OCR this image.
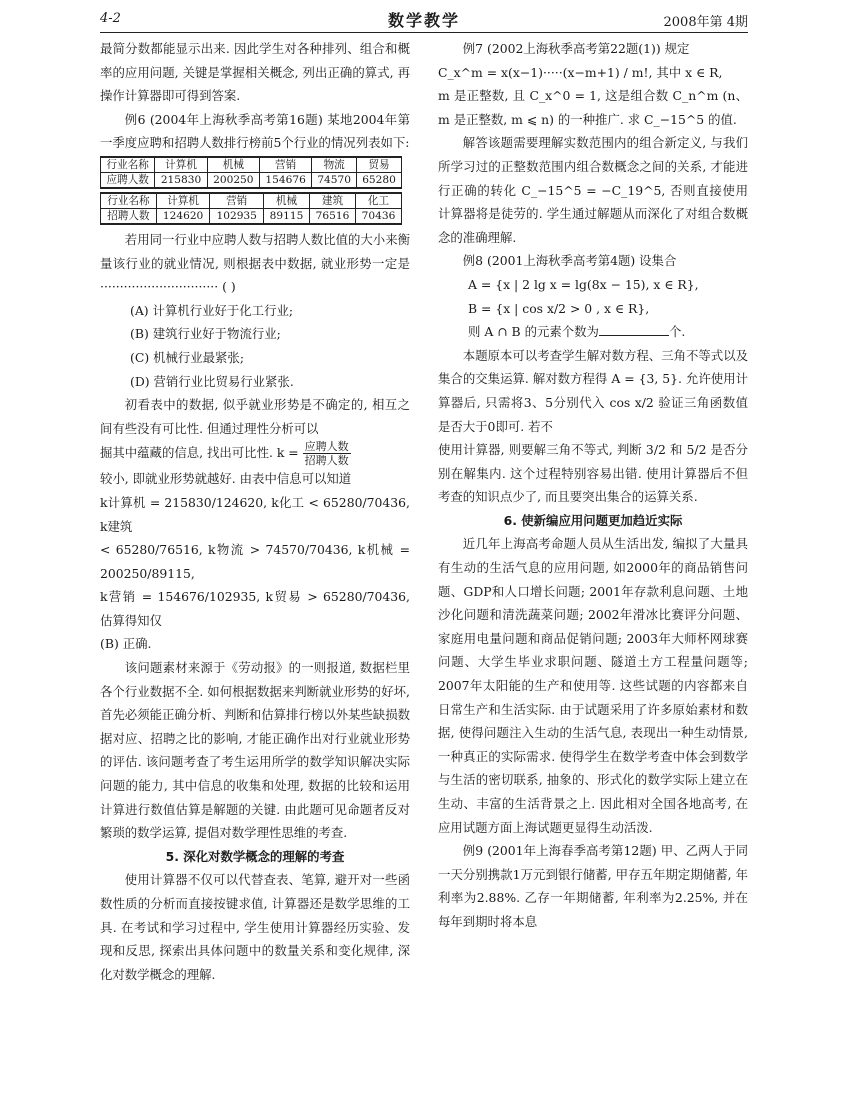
4-2	数学教学	2008年第 4期

最简分数都能显示出来. 因此学生对各种排列、组合和概率的应用问题, 关键是掌握相关概念, 列出正确的算式, 再操作计算器即可得到答案.

例6 (2004年上海秋季高考第16题) 某地2004年第一季度应聘和招聘人数排行榜前5个行业的情况列表如下:

行业名称	计算机	机械	营销	物流	贸易
应聘人数	215830	200250	154676	74570	65280
行业名称	计算机	营销	机械	建筑	化工
招聘人数	124620	102935	89115	76516	70436

若用同一行业中应聘人数与招聘人数比值的大小来衡量该行业的就业情况, 则根据表中数据, 就业形势一定是 ······························ ( )

(A) 计算机行业好于化工行业;

(B) 建筑行业好于物流行业;

(C) 机械行业最紧张;

(D) 营销行业比贸易行业紧张.

初看表中的数据, 似乎就业形势是不确定的, 相互之间有些没有可比性. 但通过理性分析可以

掘其中蕴藏的信息, 找出可比性. $k = \frac{\text{应聘人数}}{\text{招聘人数}}$

较小, 即就业形势就越好. 由表中信息可以知道

k计算机 = 215830/124620, k化工 < 65280/70436, k建筑

< 65280/76516, k物流 > 74570/70436, k机械 = 200250/89115,

k营销 = 154676/102935, k贸易 > 65280/70436, 估算得知仅

(B) 正确.

该问题素材来源于《劳动报》的一则报道, 数据栏里各个行业数据不全. 如何根据数据来判断就业形势的好坏, 首先必须能正确分析、判断和估算排行榜以外某些缺损数据对应、招聘之比的影响, 才能正确作出对行业就业形势的评估. 该问题考查了考生运用所学的数学知识解决实际问题的能力, 其中信息的收集和处理, 数据的比较和运用计算进行数值估算是解题的关键. 由此题可见命题者反对繁琐的数学运算, 提倡对数学理性思维的考查.

5. 深化对数学概念的理解的考查

使用计算器不仅可以代替查表、笔算, 避开对一些函数性质的分析而直接按键求值, 计算器还是数学思维的工具. 在考试和学习过程中, 学生使用计算器经历实验、发现和反思, 探索出具体问题中的数量关系和变化规律, 深化对数学概念的理解.

例7 (2002上海秋季高考第22题(1)) 规定

C_x^m = x(x−1)·····(x−m+1) / m!, 其中 x ∈ R,

m 是正整数, 且 C_x^0 = 1, 这是组合数 C_n^m (n、m 是正整数, m ⩽ n) 的一种推广. 求 C_−15^5 的值.

解答该题需要理解实数范围内的组合新定义, 与我们所学习过的正整数范围内组合数概念之间的关系, 才能进行正确的转化 C_−15^5 = −C_19^5, 否则直接使用计算器将是徒劳的. 学生通过解题从而深化了对组合数概念的准确理解.

例8 (2001上海秋季高考第4题) 设集合

A = {x | 2 lg x = lg(8x − 15), x ∈ R},

B = {x | cos x/2 > 0 , x ∈ R},

则 A ∩ B 的元素个数为	个.

本题原本可以考查学生解对数方程、三角不等式以及集合的交集运算. 解对数方程得 A = {3, 5}. 允许使用计算器后, 只需将3、5分别代入 cos x/2 验证三角函数值是否大于0即可. 若不

使用计算器, 则要解三角不等式, 判断 3/2 和 5/2 是否分别在解集内. 这个过程特别容易出错. 使用计算器后不但考查的知识点少了, 而且要突出集合的运算关系.

6. 使新编应用问题更加趋近实际

近几年上海高考命题人员从生活出发, 编拟了大量具有生动的生活气息的应用问题, 如2000年的商品销售问题、GDP和人口增长问题; 2001年存款利息问题、土地沙化问题和清洗蔬菜问题; 2002年滑冰比赛评分问题、家庭用电量问题和商品促销问题; 2003年大师杯网球赛问题、大学生毕业求职问题、隧道土方工程量问题等; 2007年太阳能的生产和使用等. 这些试题的内容都来自日常生产和生活实际. 由于试题采用了许多原始素材和数据, 使得问题注入生动的生活气息, 表现出一种生动情景, 一种真正的实际需求. 使得学生在数学考查中体会到数学与生活的密切联系, 抽象的、形式化的数学实际上建立在生动、丰富的生活背景之上. 因此相对全国各地高考, 在应用试题方面上海试题更显得生动活泼.

例9 (2001年上海春季高考第12题) 甲、乙两人于同一天分别携款1万元到银行储蓄, 甲存五年期定期储蓄, 年利率为2.88%. 乙存一年期储蓄, 年利率为2.25%, 并在每年到期时将本息
